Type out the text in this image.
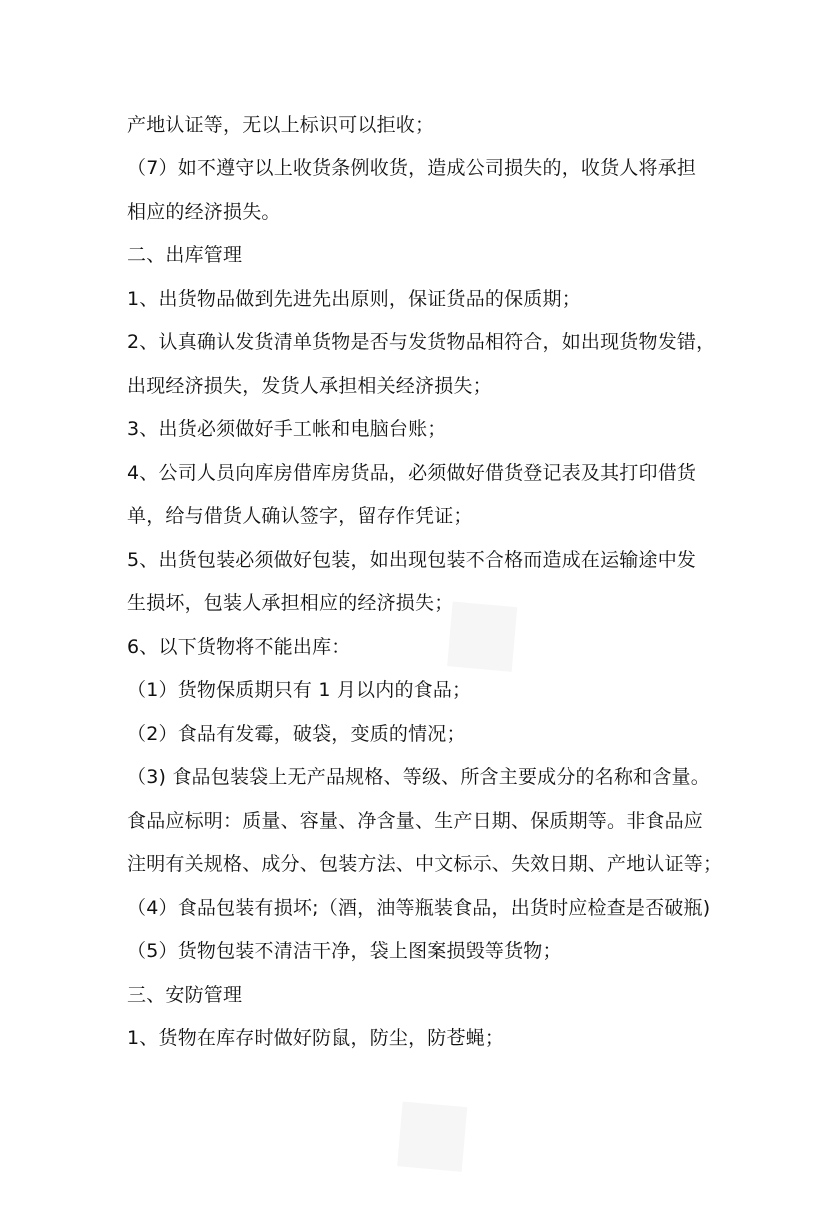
产地认证等，无以上标识可以拒收；
（7）如不遵守以上收货条例收货，造成公司损失的，收货人将承担
相应的经济损失。
二、出库管理
1、出货物品做到先进先出原则，保证货品的保质期；
2、认真确认发货清单货物是否与发货物品相符合，如出现货物发错，
出现经济损失，发货人承担相关经济损失；
3、出货必须做好手工帐和电脑台账；
4、公司人员向库房借库房货品，必须做好借货登记表及其打印借货
单，给与借货人确认签字，留存作凭证；
5、出货包装必须做好包装，如出现包装不合格而造成在运输途中发
生损坏，包装人承担相应的经济损失；
6、以下货物将不能出库：
（1）货物保质期只有 1 月以内的食品；
（2）食品有发霉，破袋，变质的情况；
（3) 食品包装袋上无产品规格、等级、所含主要成分的名称和含量。
食品应标明：质量、容量、净含量、生产日期、保质期等。非食品应
注明有关规格、成分、包装方法、中文标示、失效日期、产地认证等；
（4）食品包装有损坏;（酒，油等瓶装食品，出货时应检查是否破瓶)
（5）货物包装不清洁干净，袋上图案损毁等货物；
三、安防管理
1、货物在库存时做好防鼠，防尘，防苍蝇；
